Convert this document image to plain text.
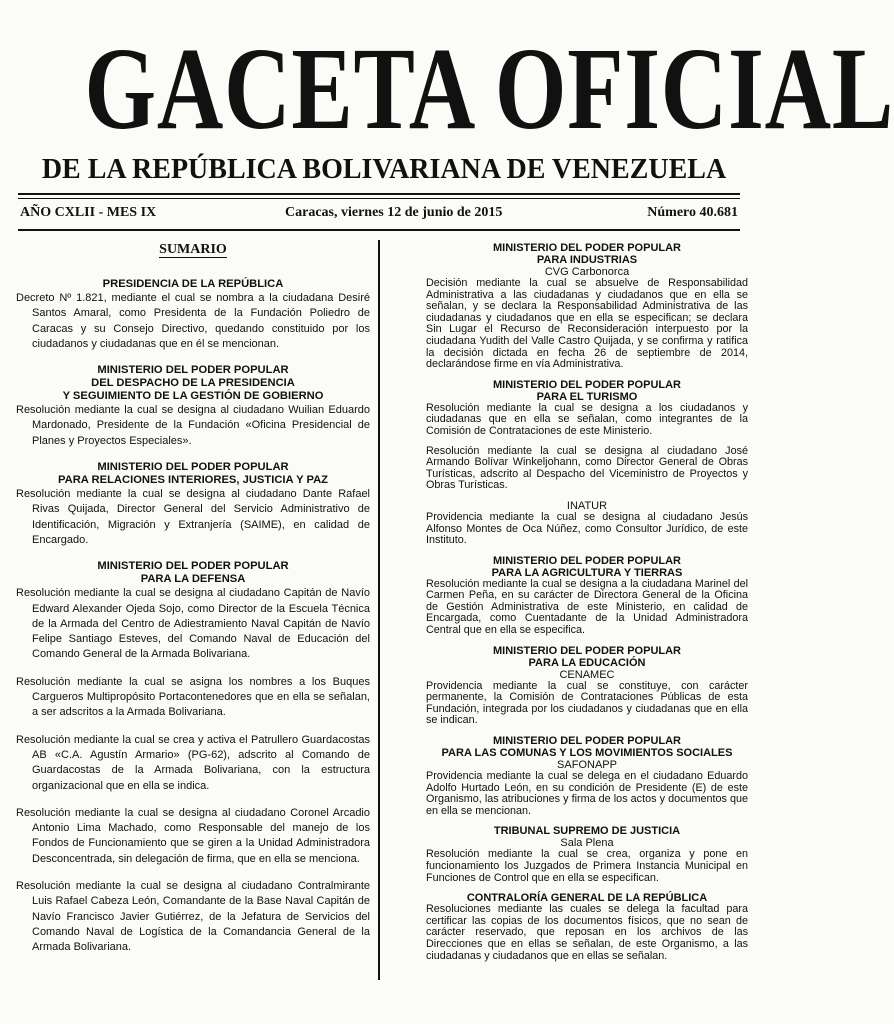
GACETA OFICIAL
DE LA REPÚBLICA BOLIVARIANA DE VENEZUELA
AÑO CXLII - MES IX	Caracas, viernes 12 de junio de 2015	Número 40.681
SUMARIO

PRESIDENCIA DE LA REPÚBLICA

Decreto Nº 1.821, mediante el cual se nombra a la ciudadana Desiré Santos Amaral, como Presidenta de la Fundación Poliedro de Caracas y su Consejo Directivo, quedando constituido por los ciudadanos y ciudadanas que en él se mencionan.

MINISTERIO DEL PODER POPULAR

DEL DESPACHO DE LA PRESIDENCIA

Y SEGUIMIENTO DE LA GESTIÓN DE GOBIERNO

Resolución mediante la cual se designa al ciudadano Wuilian Eduardo Mardonado, Presidente de la Fundación «Oficina Presidencial de Planes y Proyectos Especiales».

MINISTERIO DEL PODER POPULAR

PARA RELACIONES INTERIORES, JUSTICIA Y PAZ

Resolución mediante la cual se designa al ciudadano Dante Rafael Rivas Quijada, Director General del Servicio Administrativo de Identificación, Migración y Extranjería (SAIME), en calidad de Encargado.

MINISTERIO DEL PODER POPULAR

PARA LA DEFENSA

Resolución mediante la cual se designa al ciudadano Capitán de Navío Edward Alexander Ojeda Sojo, como Director de la Escuela Técnica de la Armada del Centro de Adiestramiento Naval Capitán de Navío Felipe Santiago Esteves, del Comando Naval de Educación del Comando General de la Armada Bolivariana.

Resolución mediante la cual se asigna los nombres a los Buques Cargueros Multipropósito Portacontenedores que en ella se señalan, a ser adscritos a la Armada Bolivariana.

Resolución mediante la cual se crea y activa el Patrullero Guardacostas AB «C.A. Agustín Armario» (PG-62), adscrito al Comando de Guardacostas de la Armada Bolivariana, con la estructura organizacional que en ella se indica.

Resolución mediante la cual se designa al ciudadano Coronel Arcadio Antonio Lima Machado, como Responsable del manejo de los Fondos de Funcionamiento que se giren a la Unidad Administradora Desconcentrada, sin delegación de firma, que en ella se menciona.

Resolución mediante la cual se designa al ciudadano Contralmirante Luis Rafael Cabeza León, Comandante de la Base Naval Capitán de Navío Francisco Javier Gutiérrez, de la Jefatura de Servicios del Comando Naval de Logística de la Comandancia General de la Armada Bolivariana.

MINISTERIO DEL PODER POPULAR

PARA INDUSTRIAS

CVG Carbonorca

Decisión mediante la cual se absuelve de Responsabilidad Administrativa a las ciudadanas y ciudadanos que en ella se señalan, y se declara la Responsabilidad Administrativa de las ciudadanas y ciudadanos que en ella se especifican; se declara Sin Lugar el Recurso de Reconsideración interpuesto por la ciudadana Yudith del Valle Castro Quijada, y se confirma y ratifica la decisión dictada en fecha 26 de septiembre de 2014, declarándose firme en vía Administrativa.

MINISTERIO DEL PODER POPULAR

PARA EL TURISMO

Resolución mediante la cual se designa a los ciudadanos y ciudadanas que en ella se señalan, como integrantes de la Comisión de Contrataciones de este Ministerio.

Resolución mediante la cual se designa al ciudadano José Armando Bolívar Winkeljohann, como Director General de Obras Turísticas, adscrito al Despacho del Viceministro de Proyectos y Obras Turísticas.

INATUR

Providencia mediante la cual se designa al ciudadano Jesús Alfonso Montes de Oca Núñez, como Consultor Jurídico, de este Instituto.

MINISTERIO DEL PODER POPULAR

PARA LA AGRICULTURA Y TIERRAS

Resolución mediante la cual se designa a la ciudadana Marinel del Carmen Peña, en su carácter de Directora General de la Oficina de Gestión Administrativa de este Ministerio, en calidad de Encargada, como Cuentadante de la Unidad Administradora Central que en ella se especifica.

MINISTERIO DEL PODER POPULAR

PARA LA EDUCACIÓN

CENAMEC

Providencia mediante la cual se constituye, con carácter permanente, la Comisión de Contrataciones Públicas de esta Fundación, integrada por los ciudadanos y ciudadanas que en ella se indican.

MINISTERIO DEL PODER POPULAR

PARA LAS COMUNAS Y LOS MOVIMIENTOS SOCIALES

SAFONAPP

Providencia mediante la cual se delega en el ciudadano Eduardo Adolfo Hurtado León, en su condición de Presidente (E) de este Organismo, las atribuciones y firma de los actos y documentos que en ella se mencionan.

TRIBUNAL SUPREMO DE JUSTICIA

Sala Plena

Resolución mediante la cual se crea, organiza y pone en funcionamiento los Juzgados de Primera Instancia Municipal en Funciones de Control que en ella se especifican.

CONTRALORÍA GENERAL DE LA REPÚBLICA

Resoluciones mediante las cuales se delega la facultad para certificar las copias de los documentos físicos, que no sean de carácter reservado, que reposan en los archivos de las Direcciones que en ellas se señalan, de este Organismo, a las ciudadanas y ciudadanos que en ellas se señalan.
